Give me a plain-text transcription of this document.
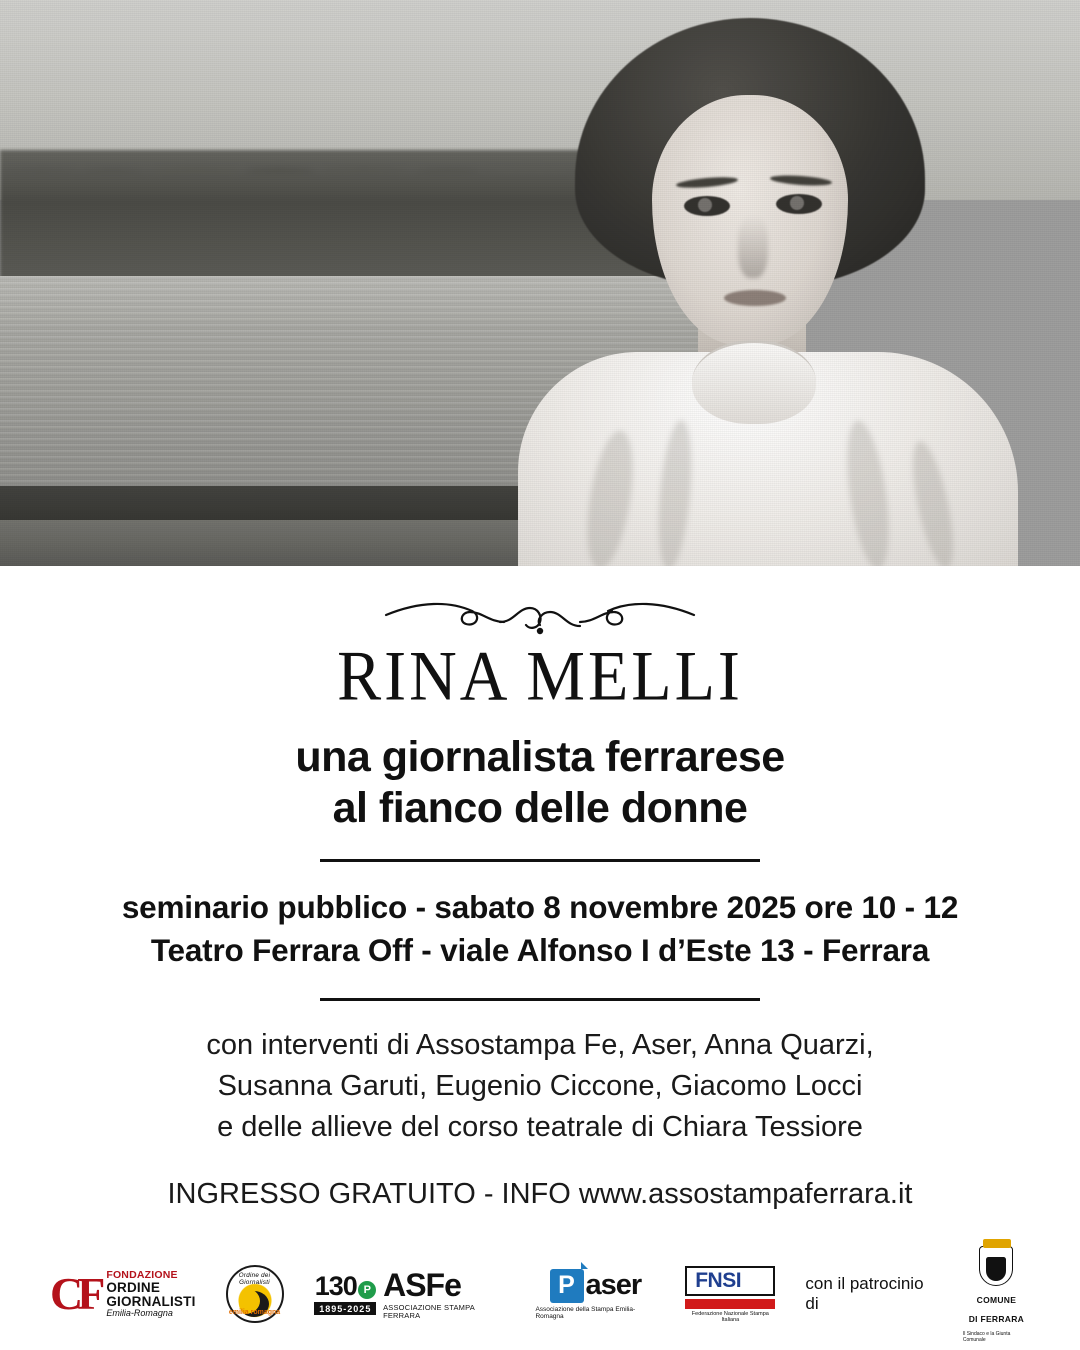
RINA MELLI
una giornalista ferrarese
al fianco delle donne
seminario pubblico - sabato 8 novembre 2025 ore 10 - 12
Teatro Ferrara Off - viale Alfonso I d’Este 13 - Ferrara
con interventi di Assostampa Fe, Aser, Anna Quarzi,
Susanna Garuti, Eugenio Ciccone, Giacomo Locci
e delle allieve del corso teatrale di Chiara Tessiore
INGRESSO GRATUITO - INFO www.assostampaferrara.it
CF FONDAZIONE
ORDINE
GIORNALISTI
Emilia-Romagna
Ordine dei Giornalisti
emilia romagna
130 P
1895-2025
ASFe
ASSOCIAZIONE STAMPA FERRARA
P aser
Associazione della Stampa Emilia-Romagna
FNSI
Federazione Nazionale Stampa Italiana
con il patrocinio di	COMUNE
DI FERRARA
Il Sindaco e la Giunta Comunale
